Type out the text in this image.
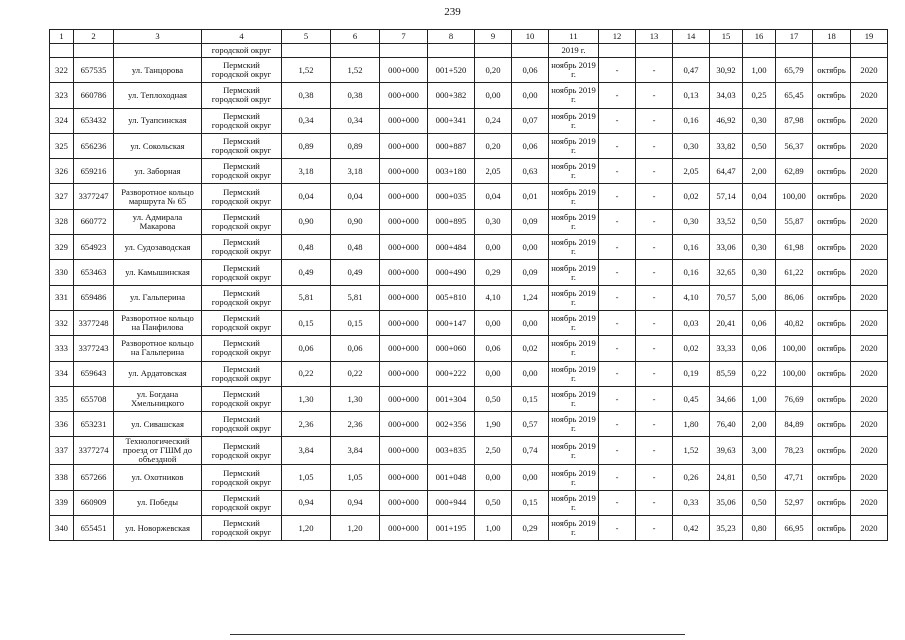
239
1	2	3	4	5	6	7	8	9	10	11	12	13	14	15	16	17	18	19
			городской округ							2019 г.								
322	657535	ул. Танцорова	Пермский городской округ	1,52	1,52	000+000	001+520	0,20	0,06	ноябрь 2019 г.	-	-	0,47	30,92	1,00	65,79	октябрь	2020
323	660786	ул. Теплоходная	Пермский городской округ	0,38	0,38	000+000	000+382	0,00	0,00	ноябрь 2019 г.	-	-	0,13	34,03	0,25	65,45	октябрь	2020
324	653432	ул. Туапсинская	Пермский городской округ	0,34	0,34	000+000	000+341	0,24	0,07	ноябрь 2019 г.	-	-	0,16	46,92	0,30	87,98	октябрь	2020
325	656236	ул. Сокольская	Пермский городской округ	0,89	0,89	000+000	000+887	0,20	0,06	ноябрь 2019 г.	-	-	0,30	33,82	0,50	56,37	октябрь	2020
326	659216	ул. Заборная	Пермский городской округ	3,18	3,18	000+000	003+180	2,05	0,63	ноябрь 2019 г.	-	-	2,05	64,47	2,00	62,89	октябрь	2020
327	3377247	Разворотное кольцо маршрута № 65	Пермский городской округ	0,04	0,04	000+000	000+035	0,04	0,01	ноябрь 2019 г.	-	-	0,02	57,14	0,04	100,00	октябрь	2020
328	660772	ул. Адмирала Макарова	Пермский городской округ	0,90	0,90	000+000	000+895	0,30	0,09	ноябрь 2019 г.	-	-	0,30	33,52	0,50	55,87	октябрь	2020
329	654923	ул. Судозаводская	Пермский городской округ	0,48	0,48	000+000	000+484	0,00	0,00	ноябрь 2019 г.	-	-	0,16	33,06	0,30	61,98	октябрь	2020
330	653463	ул. Камышинская	Пермский городской округ	0,49	0,49	000+000	000+490	0,29	0,09	ноябрь 2019 г.	-	-	0,16	32,65	0,30	61,22	октябрь	2020
331	659486	ул. Гальперина	Пермский городской округ	5,81	5,81	000+000	005+810	4,10	1,24	ноябрь 2019 г.	-	-	4,10	70,57	5,00	86,06	октябрь	2020
332	3377248	Разворотное кольцо на Панфилова	Пермский городской округ	0,15	0,15	000+000	000+147	0,00	0,00	ноябрь 2019 г.	-	-	0,03	20,41	0,06	40,82	октябрь	2020
333	3377243	Разворотное кольцо на Гальперина	Пермский городской округ	0,06	0,06	000+000	000+060	0,06	0,02	ноябрь 2019 г.	-	-	0,02	33,33	0,06	100,00	октябрь	2020
334	659643	ул. Ардатовская	Пермский городской округ	0,22	0,22	000+000	000+222	0,00	0,00	ноябрь 2019 г.	-	-	0,19	85,59	0,22	100,00	октябрь	2020
335	655708	ул. Богдана Хмельницкого	Пермский городской округ	1,30	1,30	000+000	001+304	0,50	0,15	ноябрь 2019 г.	-	-	0,45	34,66	1,00	76,69	октябрь	2020
336	653231	ул. Сивашская	Пермский городской округ	2,36	2,36	000+000	002+356	1,90	0,57	ноябрь 2019 г.	-	-	1,80	76,40	2,00	84,89	октябрь	2020
337	3377274	Технологический проезд от ГШМ до объездной	Пермский городской округ	3,84	3,84	000+000	003+835	2,50	0,74	ноябрь 2019 г.	-	-	1,52	39,63	3,00	78,23	октябрь	2020
338	657266	ул. Охотников	Пермский городской округ	1,05	1,05	000+000	001+048	0,00	0,00	ноябрь 2019 г.	-	-	0,26	24,81	0,50	47,71	октябрь	2020
339	660909	ул. Победы	Пермский городской округ	0,94	0,94	000+000	000+944	0,50	0,15	ноябрь 2019 г.	-	-	0,33	35,06	0,50	52,97	октябрь	2020
340	655451	ул. Новоржевская	Пермский городской округ	1,20	1,20	000+000	001+195	1,00	0,29	ноябрь 2019 г.	-	-	0,42	35,23	0,80	66,95	октябрь	2020
